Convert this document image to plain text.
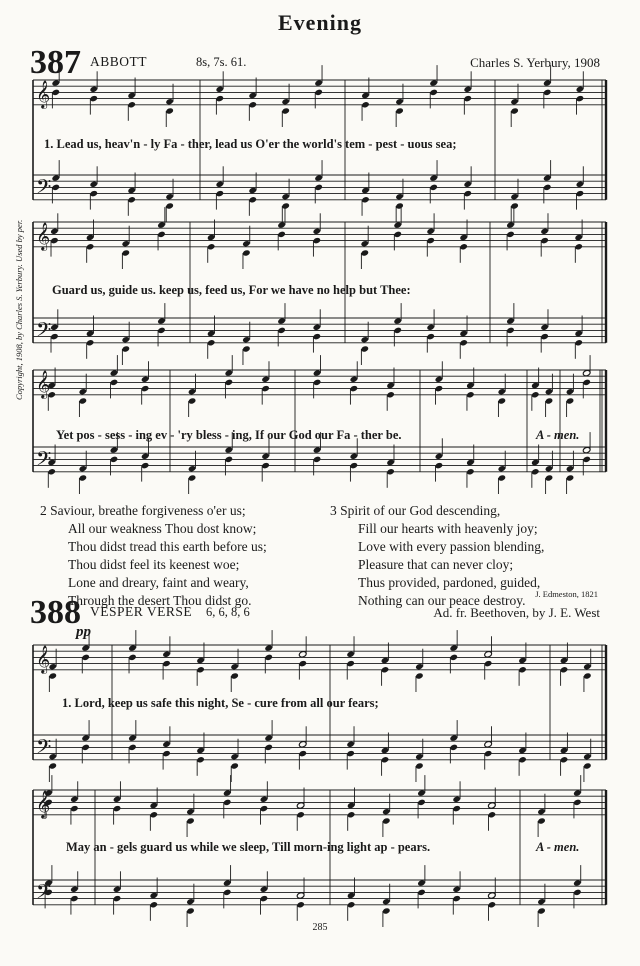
Evening
387 ABBOTT	8s, 7s. 61.	Charles S. Yerbury, 1908
Copyright, 1908, by Charles S. Yerbury. Used by per.
𝄞
𝄢
𝄞
𝄢
𝄞
𝄢
𝄞
𝄢
𝄞
𝄢
1. Lead us, heav'n - ly Fa - ther, lead us O'er the world's tem - pest - uous sea;
Guard us, guide us. keep us, feed us, For we have no help but Thee:
Yet pos - sess - ing ev - 'ry bless - ing, If our God our Fa - ther be.	A - men.
2 Saviour, breathe forgiveness o'er us;
All our weakness Thou dost know;
Thou didst tread this earth before us;
Thou didst feel its keenest woe;
Lone and dreary, faint and weary,
Through the desert Thou didst go.
3 Spirit of our God descending,
Fill our hearts with heavenly joy;
Love with every passion blending,
Pleasure that can never cloy;
Thus provided, pardoned, guided,
Nothing can our peace destroy.	J. Edmeston, 1821
388 VESPER VERSE 6, 6, 8, 6	Ad. fr. Beethoven, by J. E. West
pp
1. Lord, keep us safe this night, Se - cure from all our fears;
May an - gels guard us while we sleep, Till morn-ing light ap - pears.	A - men.
285
